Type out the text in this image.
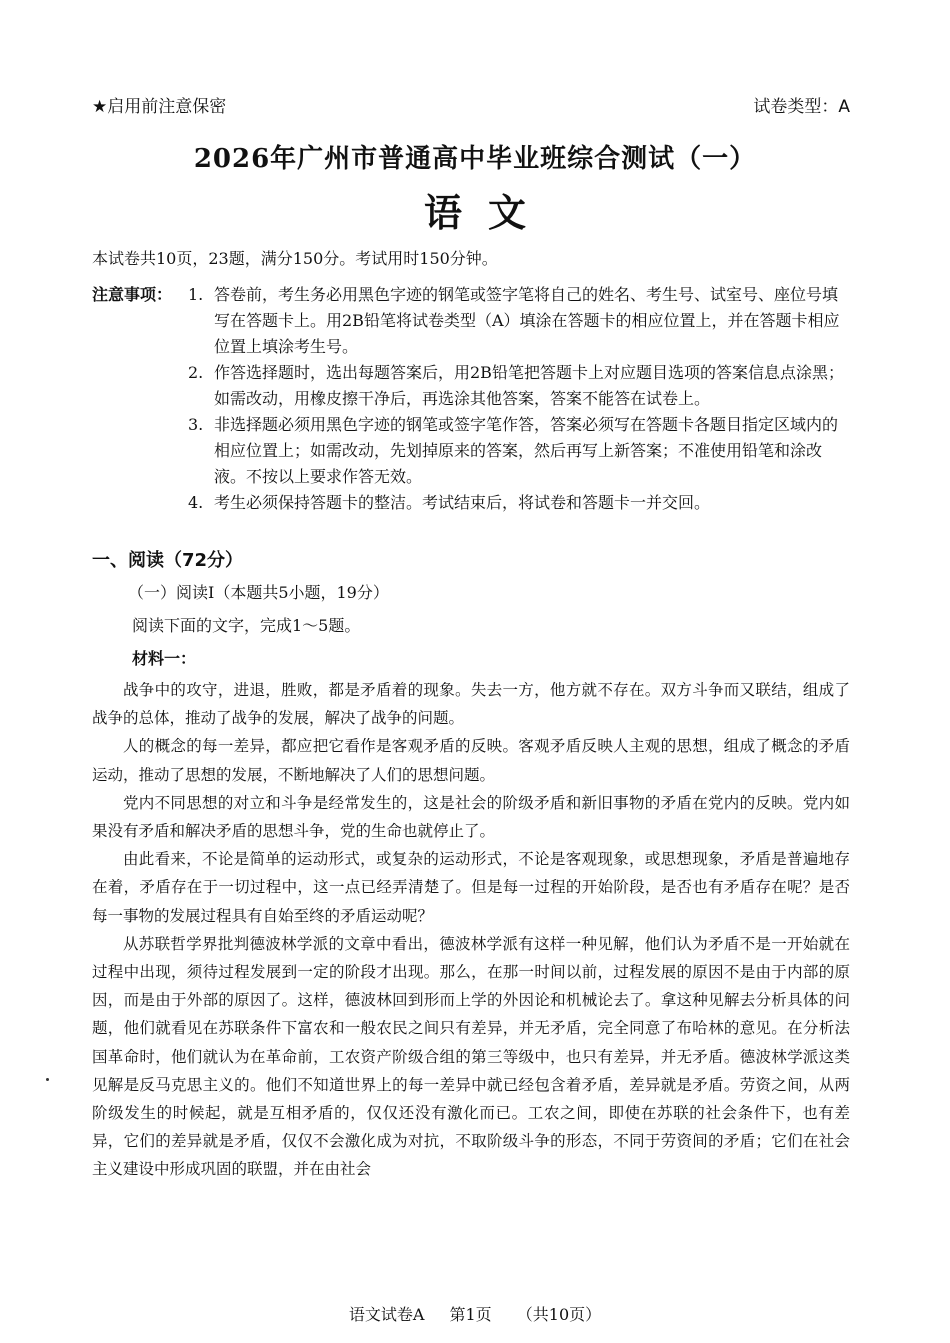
★启用前注意保密	试卷类型：A
2026年广州市普通高中毕业班综合测试（一）
语文
本试卷共10页，23题，满分150分。考试用时150分钟。
注意事项： 1. 答卷前，考生务必用黑色字迹的钢笔或签字笔将自己的姓名、考生号、试室号、座位号填写在答题卡上。用2B铅笔将试卷类型（A）填涂在答题卡的相应位置上，并在答题卡相应位置上填涂考生号。
2. 作答选择题时，选出每题答案后，用2B铅笔把答题卡上对应题目选项的答案信息点涂黑；如需改动，用橡皮擦干净后，再选涂其他答案，答案不能答在试卷上。
3. 非选择题必须用黑色字迹的钢笔或签字笔作答，答案必须写在答题卡各题目指定区域内的相应位置上；如需改动，先划掉原来的答案，然后再写上新答案；不准使用铅笔和涂改液。不按以上要求作答无效。
4. 考生必须保持答题卡的整洁。考试结束后，将试卷和答题卡一并交回。
一、阅读（72分）
（一）阅读Ⅰ（本题共5小题，19分）
阅读下面的文字，完成1～5题。
材料一：

战争中的攻守，进退，胜败，都是矛盾着的现象。失去一方，他方就不存在。双方斗争而又联结，组成了战争的总体，推动了战争的发展，解决了战争的问题。

人的概念的每一差异，都应把它看作是客观矛盾的反映。客观矛盾反映人主观的思想，组成了概念的矛盾运动，推动了思想的发展，不断地解决了人们的思想问题。

党内不同思想的对立和斗争是经常发生的，这是社会的阶级矛盾和新旧事物的矛盾在党内的反映。党内如果没有矛盾和解决矛盾的思想斗争，党的生命也就停止了。

由此看来，不论是简单的运动形式，或复杂的运动形式，不论是客观现象，或思想现象，矛盾是普遍地存在着，矛盾存在于一切过程中，这一点已经弄清楚了。但是每一过程的开始阶段，是否也有矛盾存在呢？是否每一事物的发展过程具有自始至终的矛盾运动呢？

从苏联哲学界批判德波林学派的文章中看出，德波林学派有这样一种见解，他们认为矛盾不是一开始就在过程中出现，须待过程发展到一定的阶段才出现。那么，在那一时间以前，过程发展的原因不是由于内部的原因，而是由于外部的原因了。这样，德波林回到形而上学的外因论和机械论去了。拿这种见解去分析具体的问题，他们就看见在苏联条件下富农和一般农民之间只有差异，并无矛盾，完全同意了布哈林的意见。在分析法国革命时，他们就认为在革命前，工农资产阶级合组的第三等级中，也只有差异，并无矛盾。德波林学派这类见解是反马克思主义的。他们不知道世界上的每一差异中就已经包含着矛盾，差异就是矛盾。劳资之间，从两阶级发生的时候起，就是互相矛盾的，仅仅还没有激化而已。工农之间，即使在苏联的社会条件下，也有差异，它们的差异就是矛盾，仅仅不会激化成为对抗，不取阶级斗争的形态，不同于劳资间的矛盾；它们在社会主义建设中形成巩固的联盟，并在由社会

语文试卷A 第1页 （共10页）
